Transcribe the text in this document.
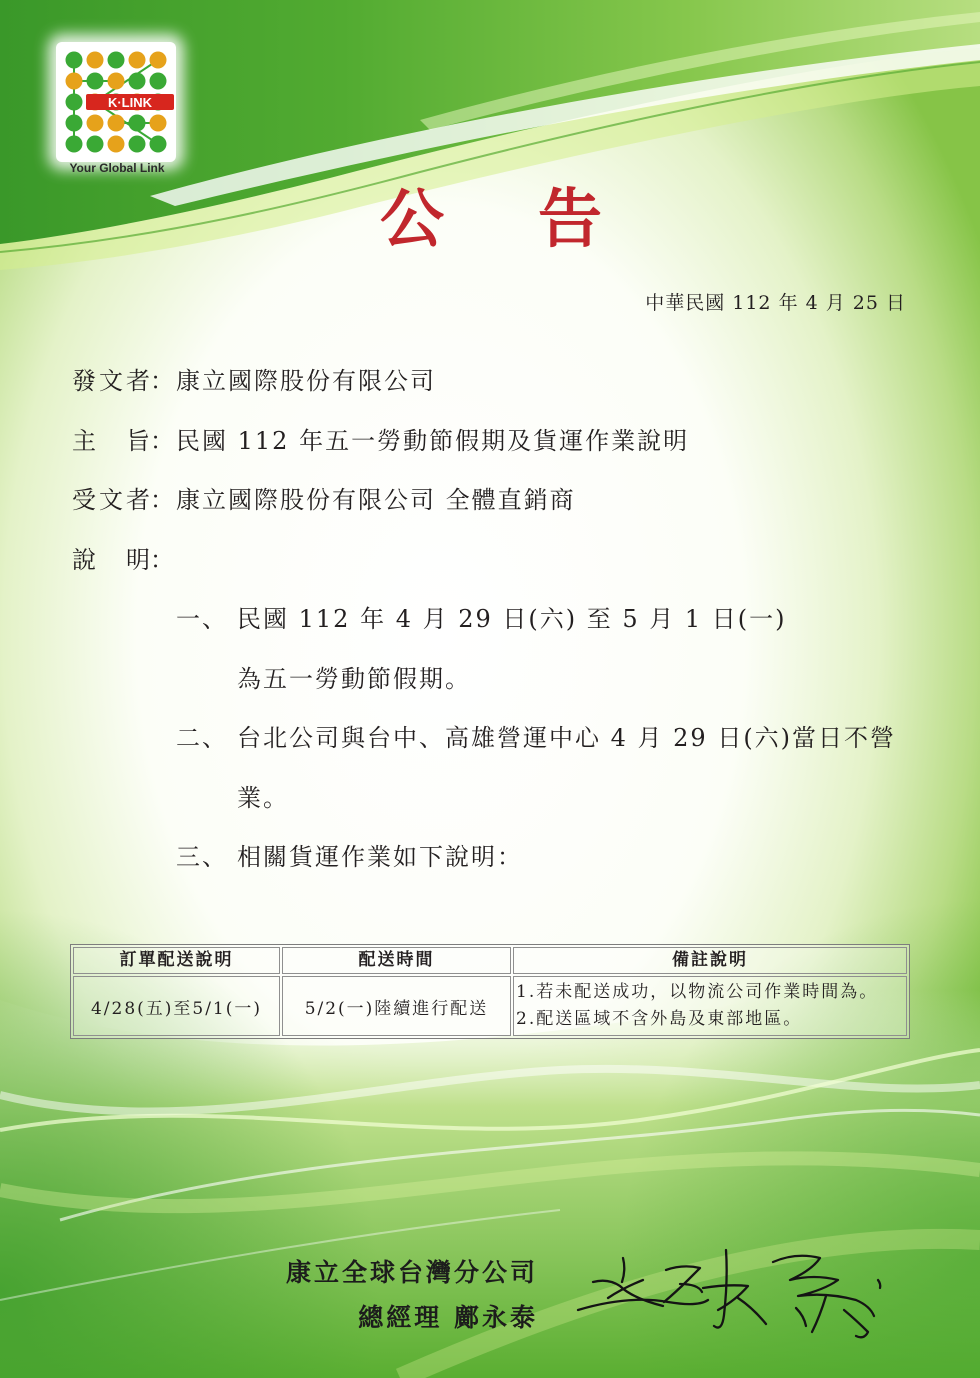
K·LINK
Your Global Link
公 告
中華民國 112 年 4 月 25 日
發文者：康立國際股份有限公司
主旨：民國 112 年五一勞動節假期及貨運作業說明
受文者：康立國際股份有限公司 全體直銷商
說明：
一、 民國 112 年 4 月 29 日(六) 至 5 月 1 日(一)
為五一勞動節假期。
二、 台北公司與台中、高雄營運中心 4 月 29 日(六)當日不營
業。
三、 相關貨運作業如下說明：
訂單配送說明	配送時間	備註說明
4/28(五)至5/1(一)	5/2(一)陸續進行配送	1.若未配送成功，以物流公司作業時間為。
2.配送區域不含外島及東部地區。
康立全球台灣分公司
總經理 鄺永泰
